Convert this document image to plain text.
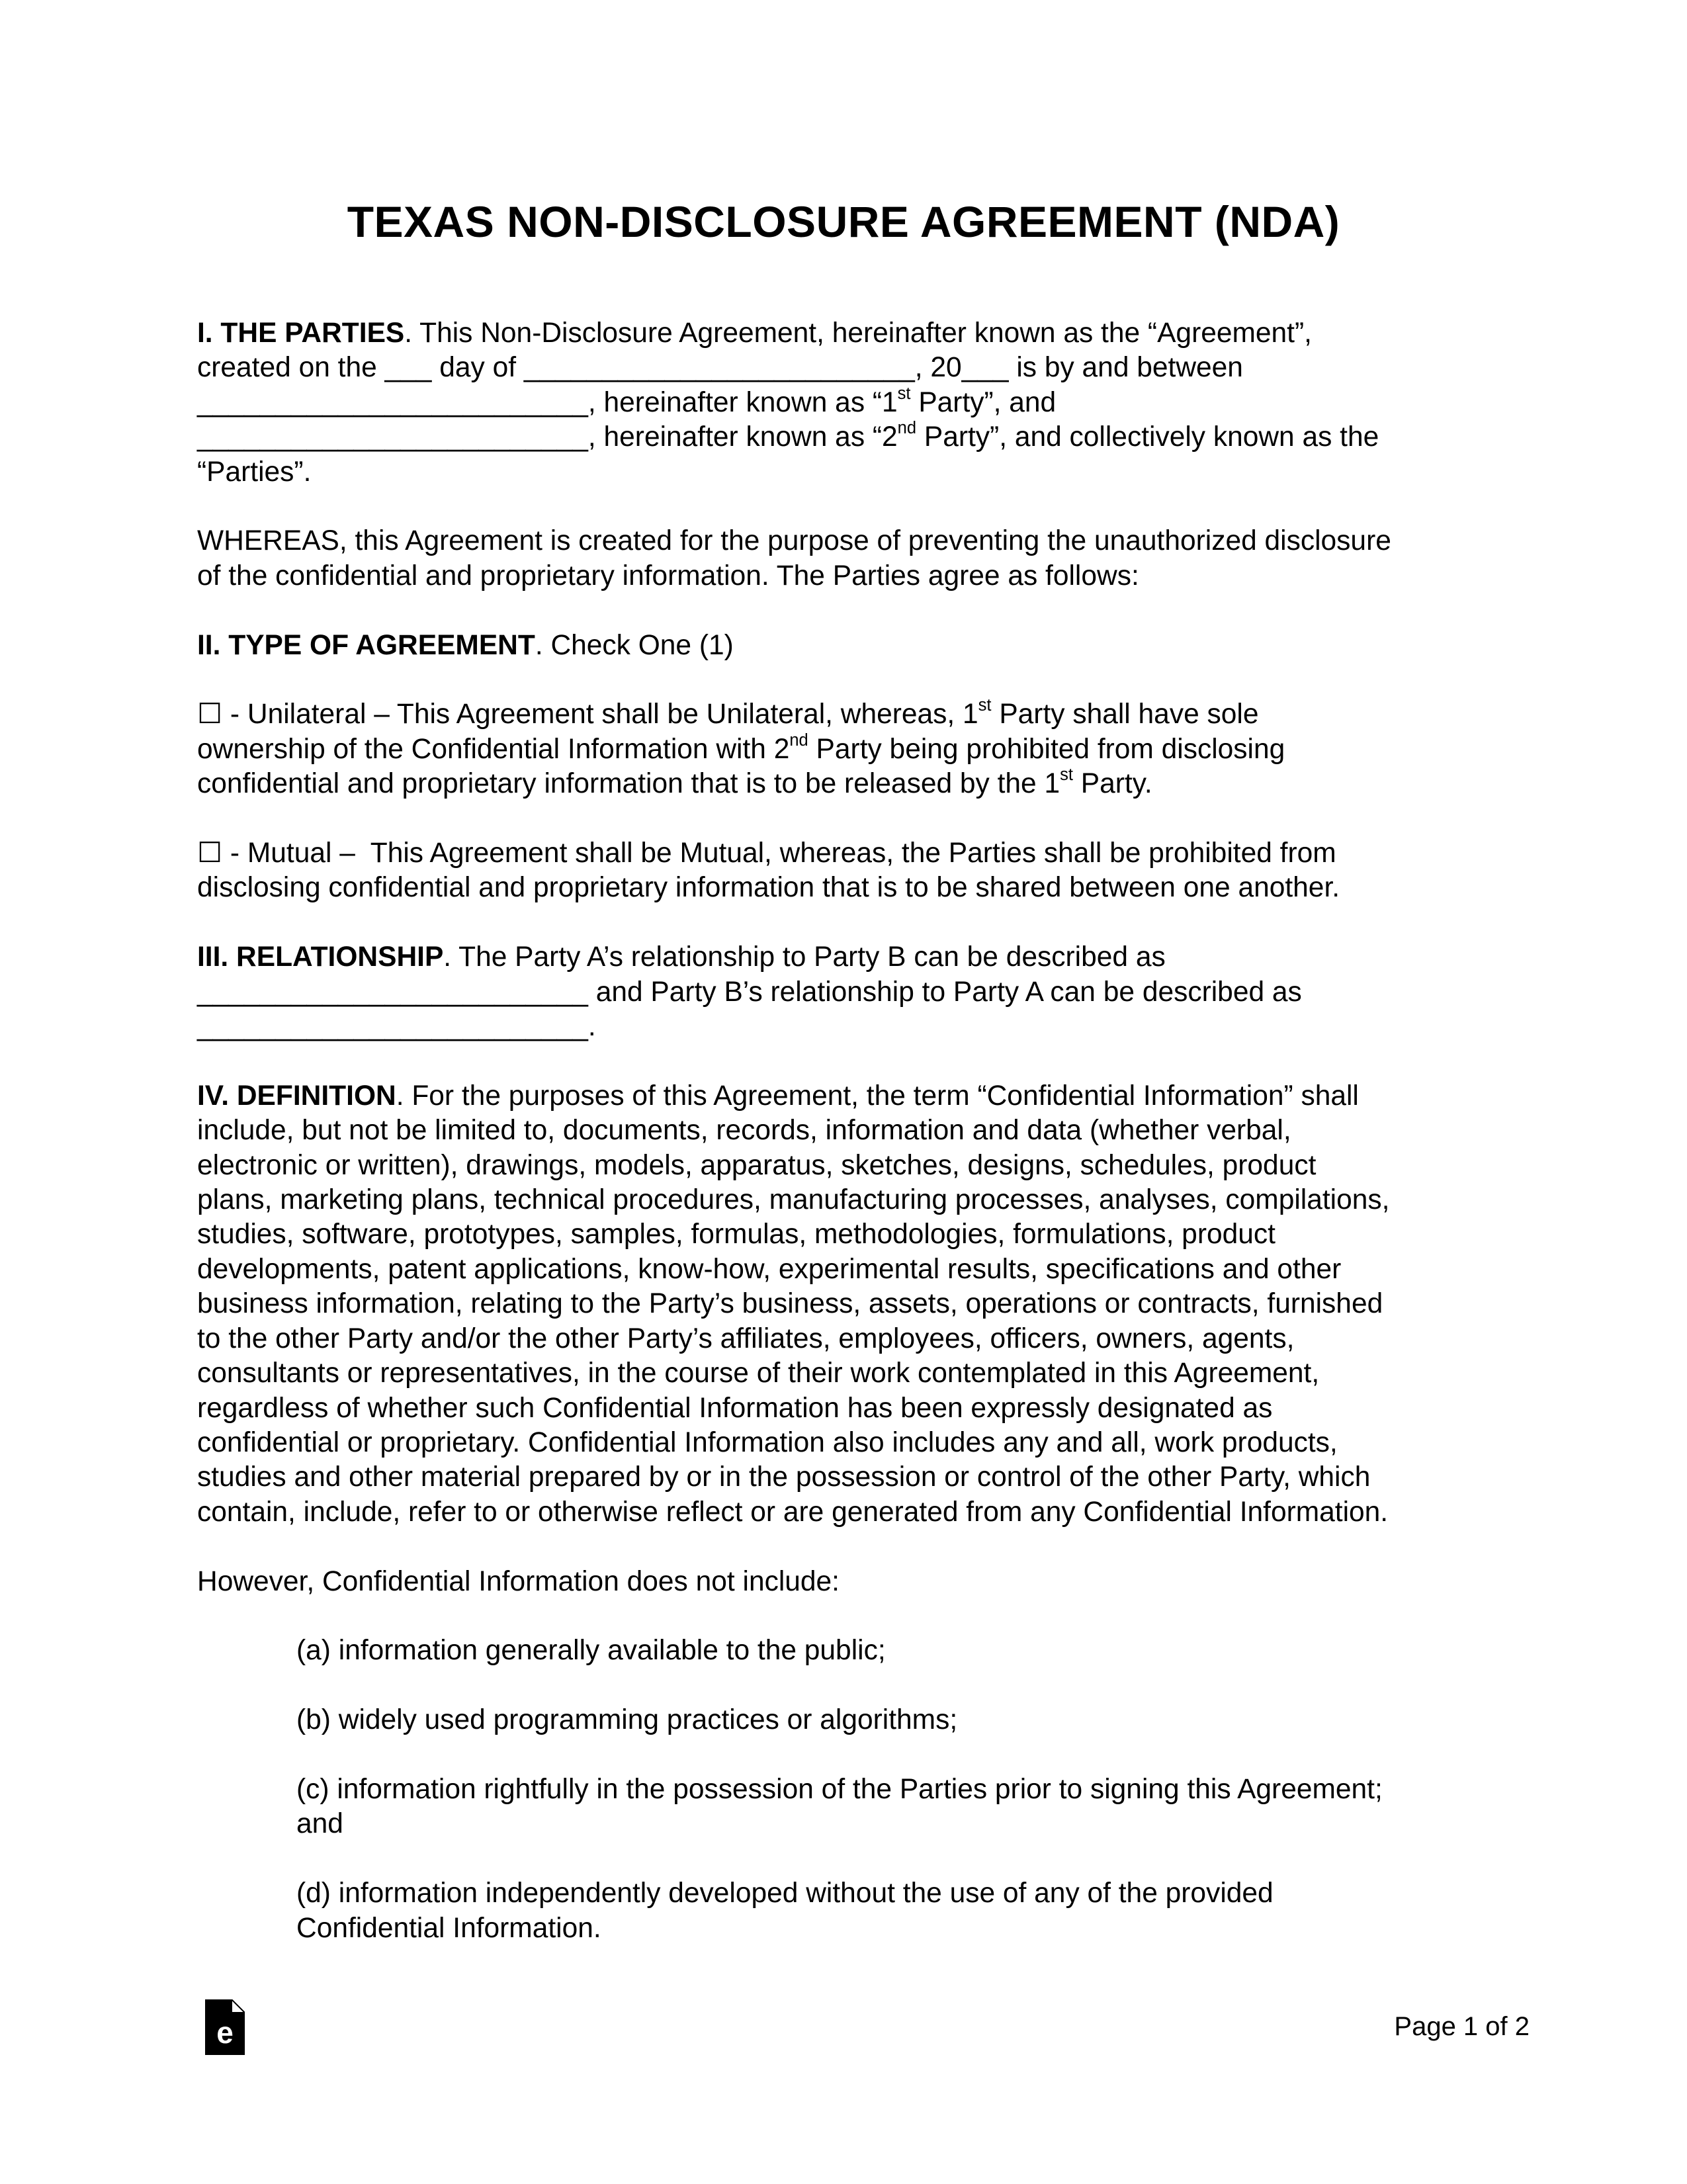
TEXAS NON-DISCLOSURE AGREEMENT (NDA)

I. THE PARTIES. This Non-Disclosure Agreement, hereinafter known as the “Agreement”,
created on the ___ day of _________________________, 20___ is by and between
_________________________, hereinafter known as “1st Party”, and
_________________________, hereinafter known as “2nd Party”, and collectively known as the
“Parties”.

WHEREAS, this Agreement is created for the purpose of preventing the unauthorized disclosure
of the confidential and proprietary information. The Parties agree as follows:

II. TYPE OF AGREEMENT. Check One (1)

☐ - Unilateral – This Agreement shall be Unilateral, whereas, 1st Party shall have sole
ownership of the Confidential Information with 2nd Party being prohibited from disclosing
confidential and proprietary information that is to be released by the 1st Party.

☐ - Mutual –  This Agreement shall be Mutual, whereas, the Parties shall be prohibited from
disclosing confidential and proprietary information that is to be shared between one another.

III. RELATIONSHIP. The Party A’s relationship to Party B can be described as
_________________________ and Party B’s relationship to Party A can be described as
_________________________.

IV. DEFINITION. For the purposes of this Agreement, the term “Confidential Information” shall
include, but not be limited to, documents, records, information and data (whether verbal,
electronic or written), drawings, models, apparatus, sketches, designs, schedules, product
plans, marketing plans, technical procedures, manufacturing processes, analyses, compilations,
studies, software, prototypes, samples, formulas, methodologies, formulations, product
developments, patent applications, know-how, experimental results, specifications and other
business information, relating to the Party’s business, assets, operations or contracts, furnished
to the other Party and/or the other Party’s affiliates, employees, officers, owners, agents,
consultants or representatives, in the course of their work contemplated in this Agreement,
regardless of whether such Confidential Information has been expressly designated as
confidential or proprietary. Confidential Information also includes any and all, work products,
studies and other material prepared by or in the possession or control of the other Party, which
contain, include, refer to or otherwise reflect or are generated from any Confidential Information.

However, Confidential Information does not include:

(a) information generally available to the public;

(b) widely used programming practices or algorithms;

(c) information rightfully in the possession of the Parties prior to signing this Agreement;
and

(d) information independently developed without the use of any of the provided
Confidential Information.

e	Page 1 of 2
